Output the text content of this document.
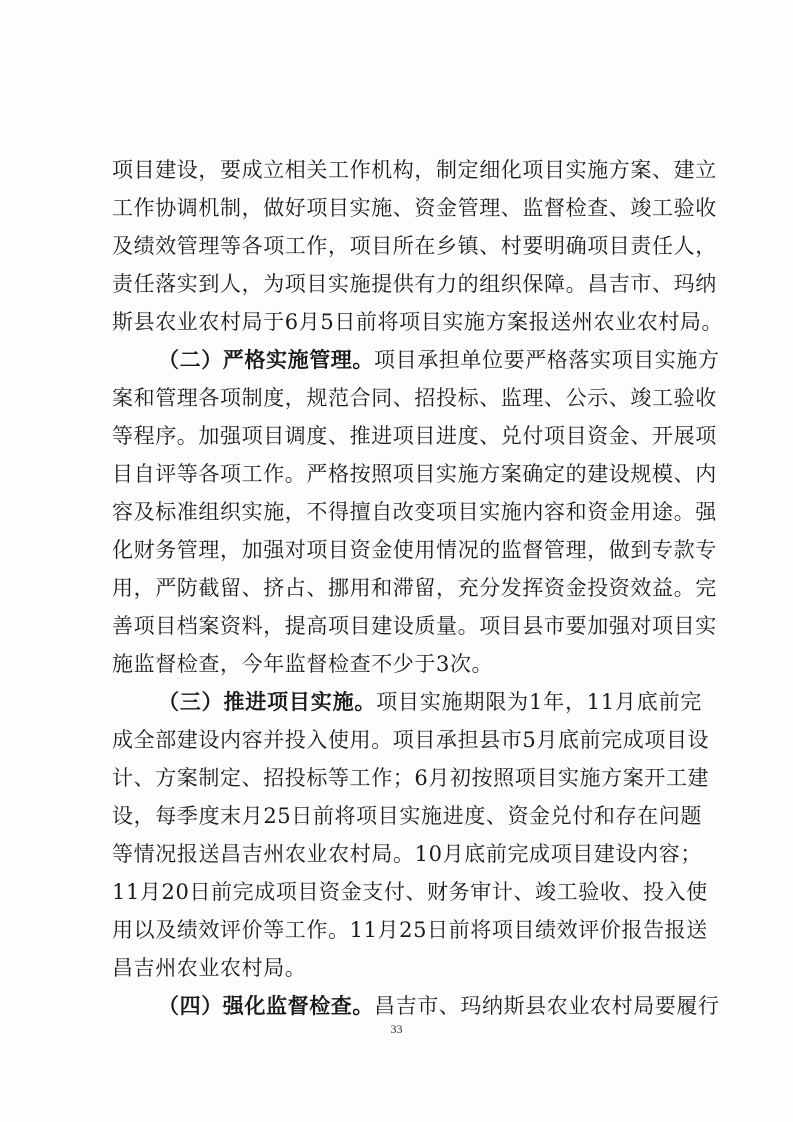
项目建设，要成立相关工作机构，制定细化项目实施方案、建立
工作协调机制，做好项目实施、资金管理、监督检查、竣工验收
及绩效管理等各项工作，项目所在乡镇、村要明确项目责任人，
责任落实到人，为项目实施提供有力的组织保障。昌吉市、玛纳
斯县农业农村局于6月5日前将项目实施方案报送州农业农村局。
（二）严格实施管理。项目承担单位要严格落实项目实施方
案和管理各项制度，规范合同、招投标、监理、公示、竣工验收
等程序。加强项目调度、推进项目进度、兑付项目资金、开展项
目自评等各项工作。严格按照项目实施方案确定的建设规模、内
容及标准组织实施，不得擅自改变项目实施内容和资金用途。强
化财务管理，加强对项目资金使用情况的监督管理，做到专款专
用，严防截留、挤占、挪用和滞留，充分发挥资金投资效益。完
善项目档案资料，提高项目建设质量。项目县市要加强对项目实
施监督检查，今年监督检查不少于3次。
（三）推进项目实施。项目实施期限为1年，11月底前完
成全部建设内容并投入使用。项目承担县市5月底前完成项目设
计、方案制定、招投标等工作；6月初按照项目实施方案开工建
设，每季度末月25日前将项目实施进度、资金兑付和存在问题
等情况报送昌吉州农业农村局。10月底前完成项目建设内容；
11月20日前完成项目资金支付、财务审计、竣工验收、投入使
用以及绩效评价等工作。11月25日前将项目绩效评价报告报送
昌吉州农业农村局。
（四）强化监督检查。昌吉市、玛纳斯县农业农村局要履行
33
